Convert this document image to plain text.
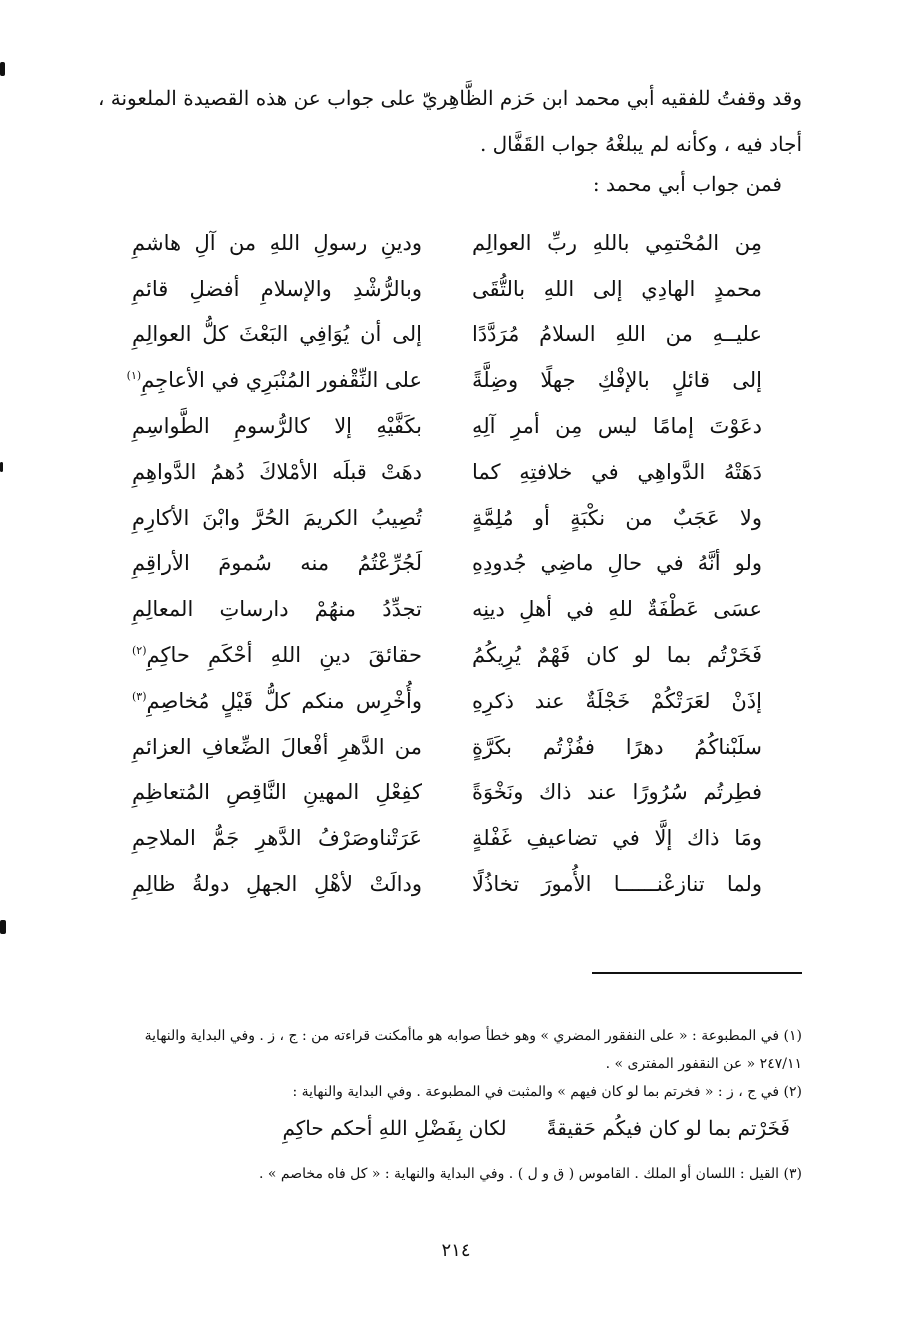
وقد وقفتُ للفقيه أبي محمد ابن حَزم الظَّاهِريّ على جواب عن هذه القصيدة الملعونة ،
أجاد فيه ، وكأنه لم يبلغْهُ جواب القَفَّال .

فمن جواب أبي محمد :

مِن المُحْتمِي باللهِ ربِّ العوالِم
ودينِ رسولِ اللهِ من آلِ هاشمِ
محمدٍ الهادِي إلى اللهِ بالتُّقَى
وبالرُّشْدِ والإسلامِ أفضلِ قائمِ
عليــهِ من اللهِ السلامُ مُرَدَّدًا
إلى أن يُوَافِي البَعْثَ كلُّ العوالِمِ
إلى قائلٍ بالإفْكِ جهلًا وضِلَّةً
على النِّقْفور المُنْبَرِي في الأعاجِمِ$^{(١)}$
دعَوْتَ إمامًا ليس مِن أمرِ آلِهِ
بكَفَّيْهِ إلا كالرُّسومِ الطَّواسِمِ
دَهَتْهُ الدَّواهِي في خلافتِهِ كما
دهَتْ قبلَه الأمْلاكَ دُهمُ الدَّواهِمِ
ولا عَجَبٌ من نكْبَةٍ أو مُلِمَّةٍ
تُصِيبُ الكريمَ الحُرَّ وابْنَ الأكارِمِ
ولو أنَّهُ في حالِ ماضِي جُدودِهِ
لَجُرِّعْتُمُ منه سُمومَ الأراقِمِ
عسَى عَطْفَةٌ للهِ في أهلِ دينِه
تجدِّدُ منهُمْ دارساتِ المعالِمِ
فَخَرْتُم بما لو كان فَهْمٌ يُرِيكُمُ
حقائقَ دينِ اللهِ أحْكَمِ حاكِمِ$^{(٢)}$
إذَنْ لعَرَتْكُمْ خَجْلَةٌ عند ذكرِهِ
وأُخْرِس منكم كلُّ قَيْلٍ مُخاصِمِ$^{(٣)}$
سلَبْناكُمُ دهرًا ففُزْتُم بكَرَّةٍ
من الدَّهرِ أفْعالَ الضِّعافِ العزائمِ
فطِرتُم سُرُورًا عند ذاك ونَخْوَةً
كفِعْلِ المهينِ النَّاقِصِ المُتعاظِمِ
ومَا ذاك إلَّا في تضاعيفِ غَفْلةٍ
عَرَتْناوصَرْفُ الدَّهرِ جَمُّ الملاحِمِ
ولما تنازعْنــــــا الأُمورَ تخاذُلًا
ودالَتْ لأهْلِ الجهلِ دولةُ ظالِمِ
(١) في المطبوعة : « على النفقور المضري » وهو خطأ صوابه هو ماأمكنت قراءته من : ج ، ز . وفي البداية والنهاية
٢٤٧/١١ « عن النقفور المفترى » .
(٢) في ج ، ز : « فخرتم بما لو كان فيهم » والمثبت في المطبوعة . وفي البداية والنهاية :
فَخَرْتم بما لو كان فيكُم حَقيقةً
لكان بِفَضْلِ اللهِ أحكم حاكِمِ
(٣) القيل : اللسان أو الملك . القاموس ( ق و ل ) . وفي البداية والنهاية : « كل فاه مخاصم » .
٢١٤
